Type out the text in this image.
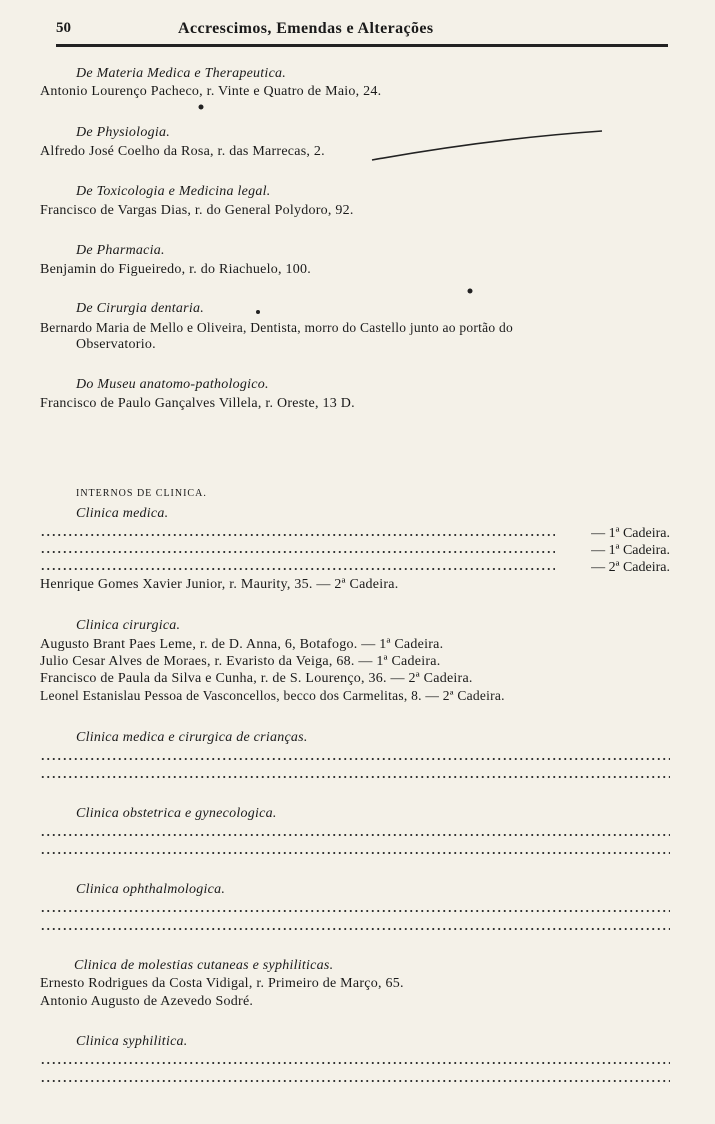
50	Accrescimos, Emendas e Alterações
De Materia Medica e Therapeutica.
Antonio Lourenço Pacheco, r. Vinte e Quatro de Maio, 24.
De Physiologia.
Alfredo José Coelho da Rosa, r. das Marrecas, 2.
De Toxicologia e Medicina legal.
Francisco de Vargas Dias, r. do General Polydoro, 92.
De Pharmacia.
Benjamin do Figueiredo, r. do Riachuelo, 100.
De Cirurgia dentaria.
Bernardo Maria de Mello e Oliveira, Dentista, morro do Castello junto ao portão do
Observatorio.
Do Museu anatomo-pathologico.
Francisco de Paulo Gançalves Villela, r. Oreste, 13 D.
INTERNOS DE CLINICA.
Clinica medica.
— 1ª Cadeira.
— 1ª Cadeira.
— 2ª Cadeira.
Henrique Gomes Xavier Junior, r. Maurity, 35. — 2ª Cadeira.
Clinica cirurgica.
Augusto Brant Paes Leme, r. de D. Anna, 6, Botafogo. — 1ª Cadeira.
Julio Cesar Alves de Moraes, r. Evaristo da Veiga, 68. — 1ª Cadeira.
Francisco de Paula da Silva e Cunha, r. de S. Lourenço, 36. — 2ª Cadeira.
Leonel Estanislau Pessoa de Vasconcellos, becco dos Carmelitas, 8. — 2ª Cadeira.
Clinica medica e cirurgica de crianças.
Clinica obstetrica e gynecologica.
Clinica ophthalmologica.
Clinica de molestias cutaneas e syphiliticas.
Ernesto Rodrigues da Costa Vidigal, r. Primeiro de Março, 65.
Antonio Augusto de Azevedo Sodré.
Clinica syphilitica.
